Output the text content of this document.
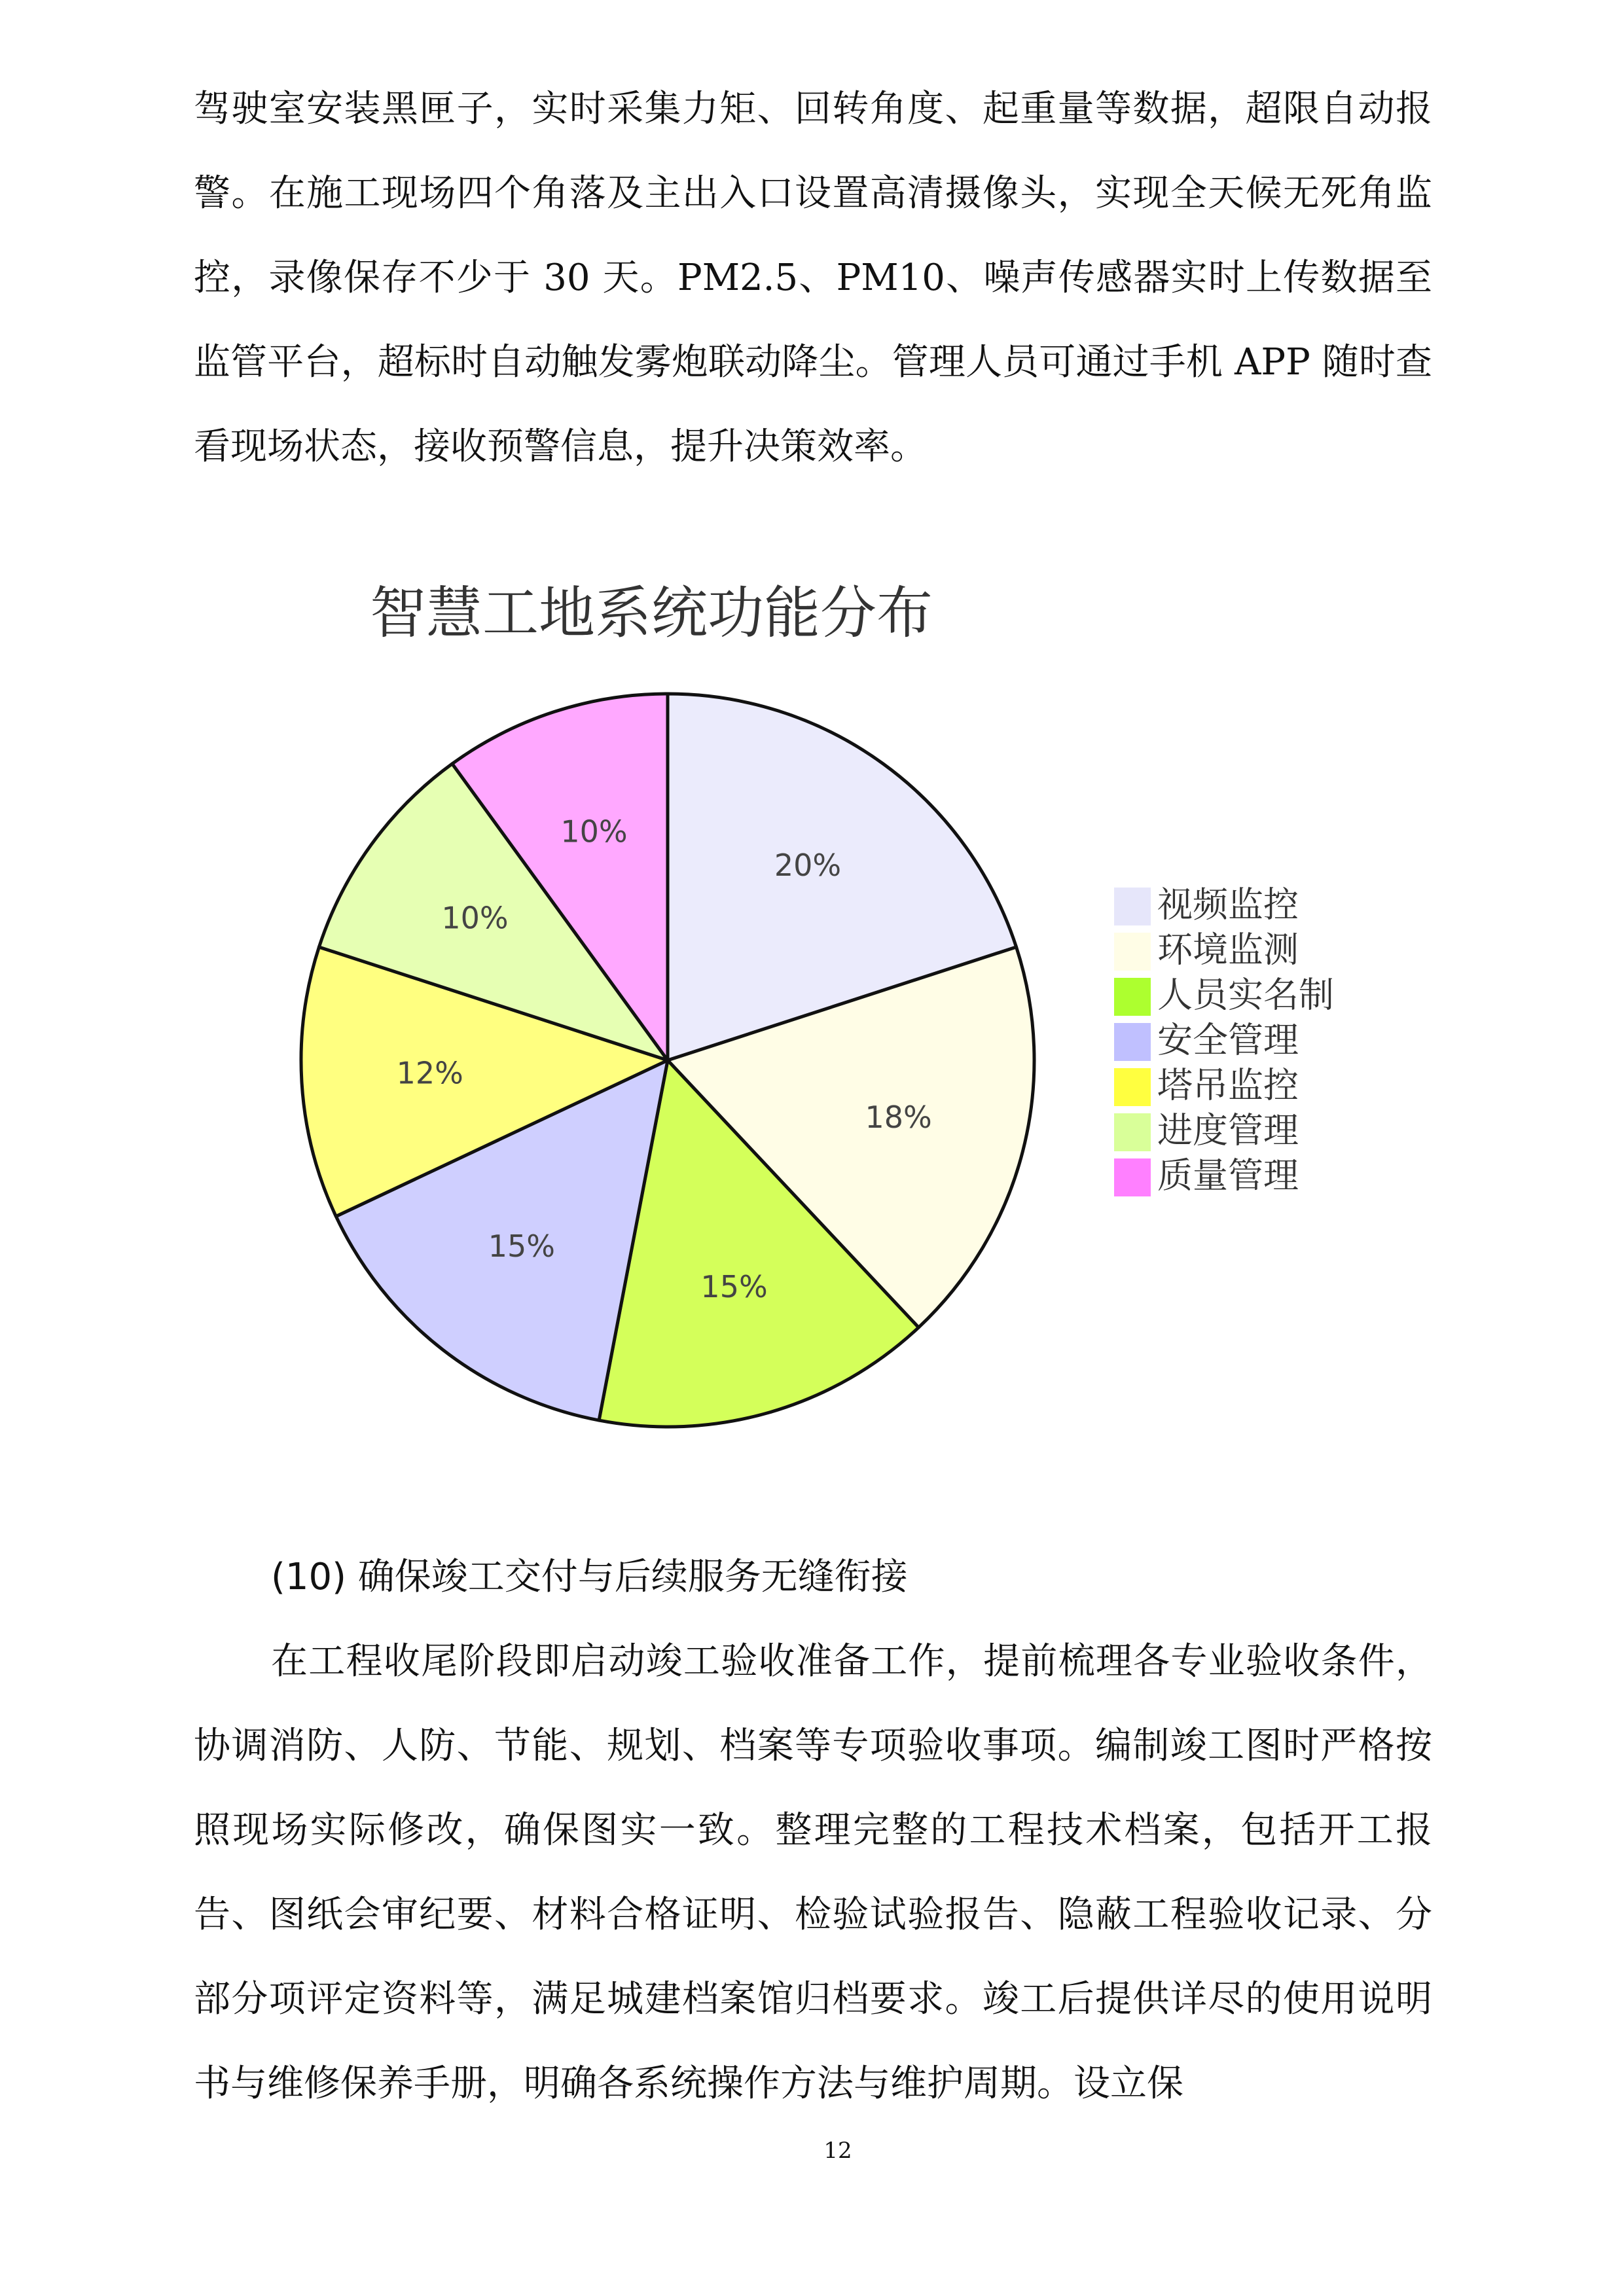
驾驶室安装黑匣子，实时采集力矩、回转角度、起重量等数据，超限自动报警。在施工现场四个角落及主出入口设置高清摄像头，实现全天候无死角监控，录像保存不少于 30 天。PM2.5、PM10、噪声传感器实时上传数据至监管平台，超标时自动触发雾炮联动降尘。管理人员可通过手机 APP 随时查看现场状态，接收预警信息，提升决策效率。
智慧工地系统功能分布
20%
18%
15%
15%
12%
10%
10%
视频监控
环境监测
人员实名制
安全管理
塔吊监控
进度管理
质量管理
(10) 确保竣工交付与后续服务无缝衔接
在工程收尾阶段即启动竣工验收准备工作，提前梳理各专业验收条件，协调消防、人防、节能、规划、档案等专项验收事项。编制竣工图时严格按照现场实际修改，确保图实一致。整理完整的工程技术档案，包括开工报告、图纸会审纪要、材料合格证明、检验试验报告、隐蔽工程验收记录、分部分项评定资料等，满足城建档案馆归档要求。竣工后提供详尽的使用说明书与维修保养手册，明确各系统操作方法与维护周期。设立保
12
